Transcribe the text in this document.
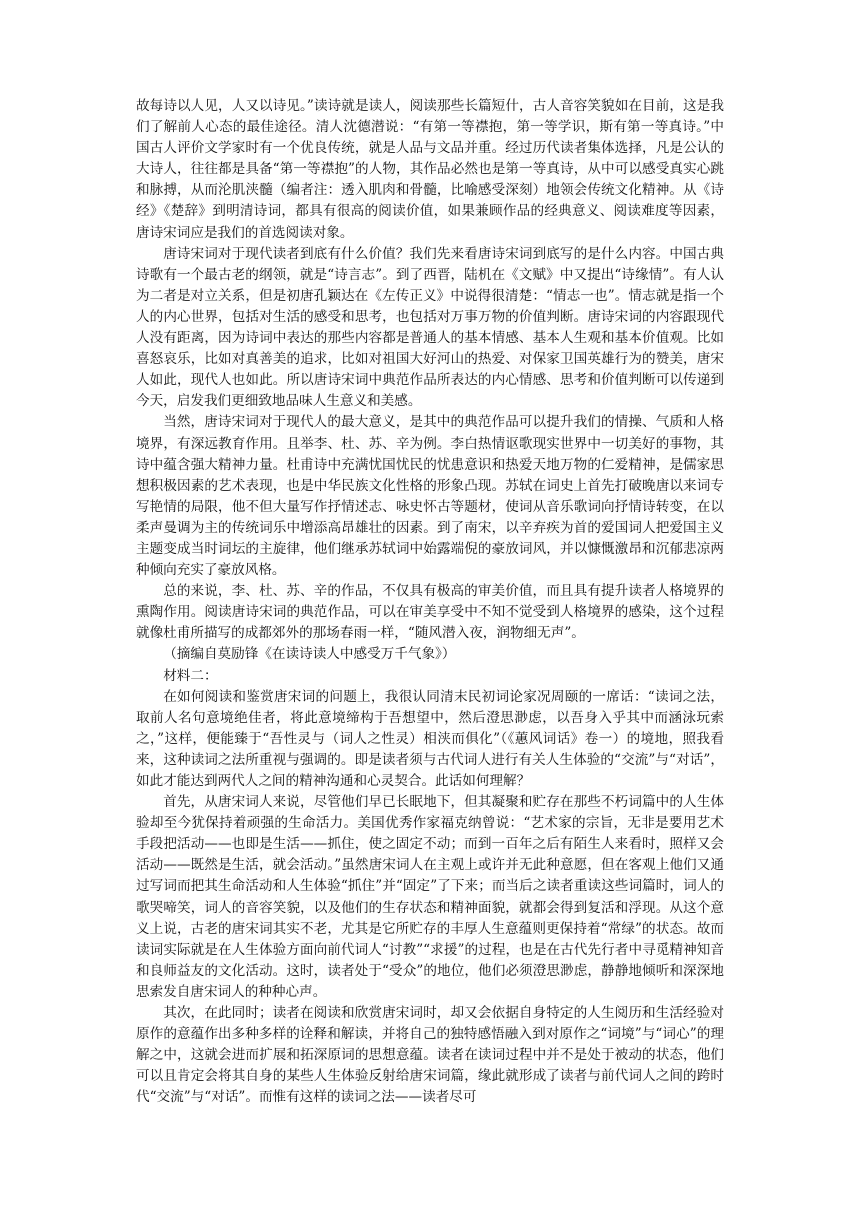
故每诗以人见，人又以诗见。”读诗就是读人，阅读那些长篇短什，古人音容笑貌如在目前，这是我们了解前人心态的最佳途径。清人沈德潜说：“有第一等襟抱，第一等学识，斯有第一等真诗。”中国古人评价文学家时有一个优良传统，就是人品与文品并重。经过历代读者集体选择，凡是公认的大诗人，往往都是具备“第一等襟抱”的人物，其作品必然也是第一等真诗，从中可以感受真实心跳和脉搏，从而沦肌浃髓（编者注：透入肌肉和骨髓，比喻感受深刻）地领会传统文化精神。从《诗经》《楚辞》到明清诗词，都具有很高的阅读价值，如果兼顾作品的经典意义、阅读难度等因素，唐诗宋词应是我们的首选阅读对象。

唐诗宋词对于现代读者到底有什么价值？我们先来看唐诗宋词到底写的是什么内容。中国古典诗歌有一个最古老的纲领，就是“诗言志”。到了西晋，陆机在《文赋》中又提出“诗缘情”。有人认为二者是对立关系，但是初唐孔颖达在《左传正义》中说得很清楚：“情志一也”。情志就是指一个人的内心世界，包括对生活的感受和思考，也包括对万事万物的价值判断。唐诗宋词的内容跟现代人没有距离，因为诗词中表达的那些内容都是普通人的基本情感、基本人生观和基本价值观。比如喜怒哀乐，比如对真善美的追求，比如对祖国大好河山的热爱、对保家卫国英雄行为的赞美，唐宋人如此，现代人也如此。所以唐诗宋词中典范作品所表达的内心情感、思考和价值判断可以传递到今天，启发我们更细致地品味人生意义和美感。

当然，唐诗宋词对于现代人的最大意义，是其中的典范作品可以提升我们的情操、气质和人格境界，有深远教育作用。且举李、杜、苏、辛为例。李白热情讴歌现实世界中一切美好的事物，其诗中蕴含强大精神力量。杜甫诗中充满忧国忧民的忧患意识和热爱天地万物的仁爱精神，是儒家思想积极因素的艺术表现，也是中华民族文化性格的形象凸现。苏轼在词史上首先打破晚唐以来词专写艳情的局限，他不但大量写作抒情述志、咏史怀古等题材，使词从音乐歌词向抒情诗转变，在以柔声曼调为主的传统词乐中增添高昂雄壮的因素。到了南宋，以辛弃疾为首的爱国词人把爱国主义主题变成当时词坛的主旋律，他们继承苏轼词中始露端倪的豪放词风，并以慷慨激昂和沉郁悲凉两种倾向充实了豪放风格。

总的来说，李、杜、苏、辛的作品，不仅具有极高的审美价值，而且具有提升读者人格境界的熏陶作用。阅读唐诗宋词的典范作品，可以在审美享受中不知不觉受到人格境界的感染，这个过程就像杜甫所描写的成都郊外的那场春雨一样，“随风潜入夜，润物细无声”。

（摘编自莫励锋《在读诗读人中感受万千气象》）

材料二：

在如何阅读和鉴赏唐宋词的问题上，我很认同清末民初词论家况周颐的一席话：“读词之法，取前人名句意境绝佳者，将此意境缔构于吾想望中，然后澄思渺虑，以吾身入乎其中而涵泳玩索之，”这样，便能臻于“吾性灵与（词人之性灵）相浃而俱化”（《蕙风词话》卷一）的境地，照我看来，这种读词之法所重视与强调的。即是读者须与古代词人进行有关人生体验的“交流”与“对话”，如此才能达到两代人之间的精神沟通和心灵契合。此话如何理解？

首先，从唐宋词人来说，尽管他们早已长眠地下，但其凝聚和贮存在那些不朽词篇中的人生体验却至今犹保持着顽强的生命活力。美国优秀作家福克纳曾说：“艺术家的宗旨，无非是要用艺术手段把活动——也即是生活——抓住，使之固定不动；而到一百年之后有陌生人来看时，照样又会活动——既然是生活，就会活动。”虽然唐宋词人在主观上或许并无此种意愿，但在客观上他们又通过写词而把其生命活动和人生体验“抓住”并“固定”了下来；而当后之读者重读这些词篇时，词人的歌哭啼笑，词人的音容笑貌，以及他们的生存状态和精神面貌，就都会得到复活和浮现。从这个意义上说，古老的唐宋词其实不老，尤其是它所贮存的丰厚人生意蕴则更保持着“常绿”的状态。故而读词实际就是在人生体验方面向前代词人“讨教”“求援”的过程，也是在古代先行者中寻觅精神知音和良师益友的文化活动。这时，读者处于“受众”的地位，他们必须澄思渺虑，静静地倾听和深深地思索发自唐宋词人的种种心声。

其次，在此同时；读者在阅读和欣赏唐宋词时，却又会依据自身特定的人生阅历和生活经验对原作的意蕴作出多种多样的诠释和解读，并将自己的独特感悟融入到对原作之“词境”与“词心”的理解之中，这就会进而扩展和拓深原词的思想意蕴。读者在读词过程中并不是处于被动的状态，他们可以且肯定会将其自身的某些人生体验反射给唐宋词篇，缘此就形成了读者与前代词人之间的跨时代“交流”与“对话”。而惟有这样的读词之法——读者尽可
